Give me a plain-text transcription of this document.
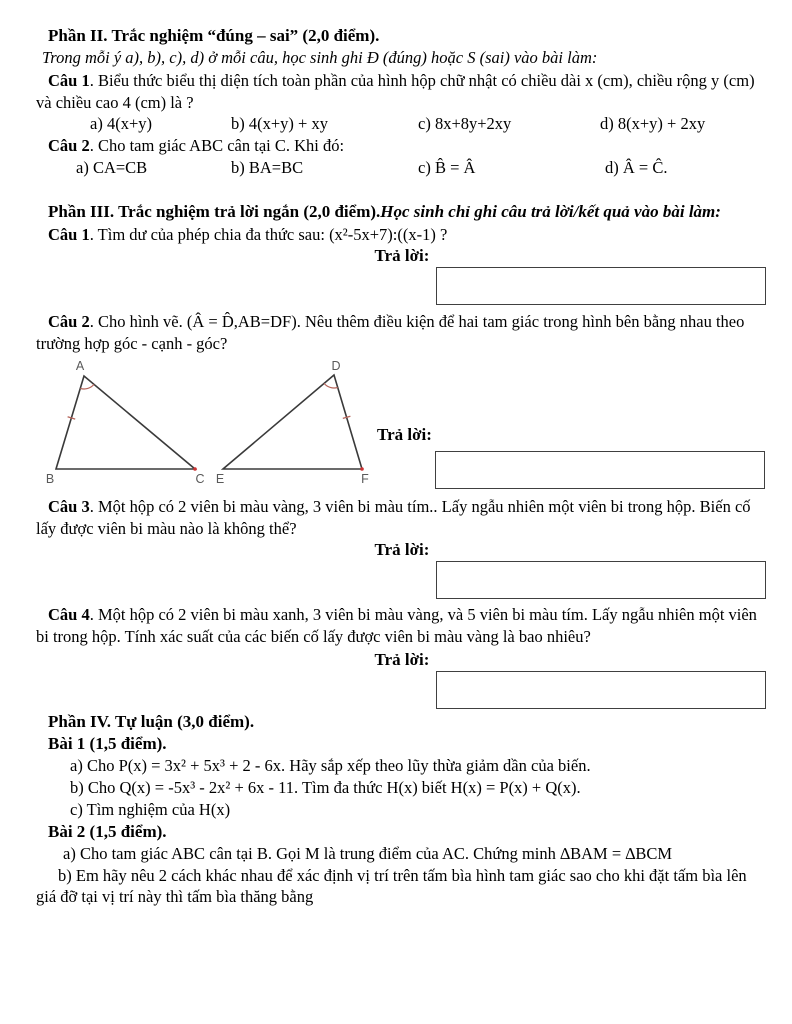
Phần II. Trắc nghiệm “đúng – sai” (2,0 điểm).
Trong mỗi ý a), b), c), d) ở mỗi câu, học sinh ghi Đ (đúng) hoặc S (sai) vào bài làm:

Câu 1. Biểu thức biểu thị diện tích toàn phần của hình hộp chữ nhật có chiều dài x (cm), chiều rộng y (cm) và chiều cao 4 (cm) là ?

a) 4(x+y)	b) 4(x+y) + xy	c) 8x+8y+2xy	d) 8(x+y) + 2xy

Câu 2. Cho tam giác ABC cân tại C. Khi đó:

a) CA=CB	b) BA=BC	c) B̂ = Â	d) Â = Ĉ.
Phần III. Trắc nghiệm trả lời ngắn (2,0 điểm).Học sinh chỉ ghi câu trả lời/kết quả vào bài làm:

Câu 1. Tìm dư của phép chia đa thức sau: (x²-5x+7):((x-1) ?

Trả lời:

Câu 2. Cho hình vẽ. (Â = D̂,AB=DF). Nêu thêm điều kiện để hai tam giác trong hình bên bằng nhau theo trường hợp góc - cạnh - góc?

A
B	C
D
E	F
Trả lời:

Câu 3. Một hộp có 2 viên bi màu vàng, 3 viên bi màu tím.. Lấy ngẫu nhiên một viên bi trong hộp. Biến cố lấy được viên bi màu nào là không thể?

Trả lời:

Câu 4. Một hộp có 2 viên bi màu xanh, 3 viên bi màu vàng, và 5 viên bi màu tím. Lấy ngẫu nhiên một viên bi trong hộp. Tính xác suất của các biến cố lấy được viên bi màu vàng là bao nhiêu?

Trả lời:
Phần IV. Tự luận (3,0 điểm).
Bài 1 (1,5 điểm).
a) Cho P(x) = 3x² + 5x³ + 2 - 6x. Hãy sắp xếp theo lũy thừa giảm dần của biến.
b) Cho Q(x) = -5x³ - 2x² + 6x - 11. Tìm đa thức H(x) biết H(x) = P(x) + Q(x).
c) Tìm nghiệm của H(x)
Bài 2 (1,5 điểm).
a) Cho tam giác ABC cân tại B. Gọi M là trung điểm của AC. Chứng minh ∆BAM = ∆BCM
b) Em hãy nêu 2 cách khác nhau để xác định vị trí trên tấm bìa hình tam giác sao cho khi đặt tấm bìa lên giá đỡ tại vị trí này thì tấm bìa thăng bằng
